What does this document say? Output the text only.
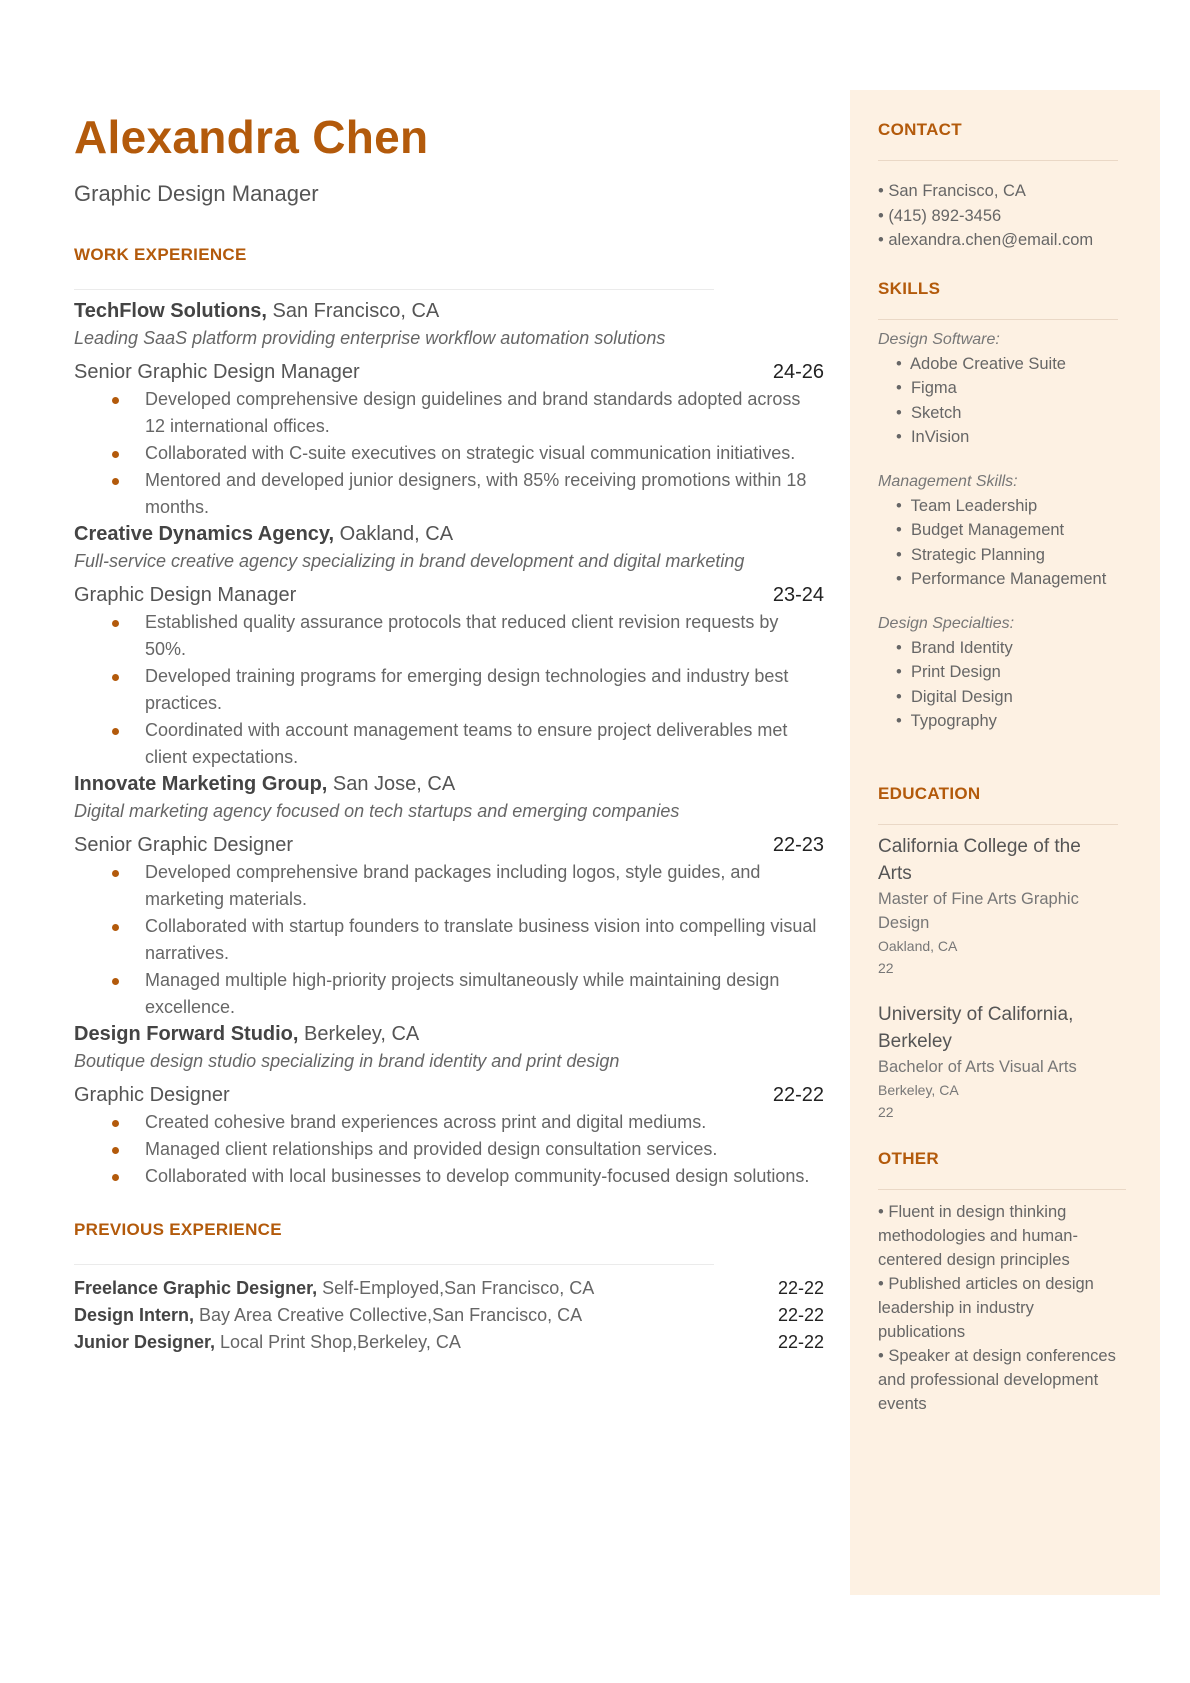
Alexandra Chen
Graphic Design Manager
WORK EXPERIENCE
TechFlow Solutions, San Francisco, CA
Leading SaaS platform providing enterprise workflow automation solutions
Senior Graphic Design Manager	24-26
Developed comprehensive design guidelines and brand standards adopted across 12 international offices.
Collaborated with C-suite executives on strategic visual communication initiatives.
Mentored and developed junior designers, with 85% receiving promotions within 18 months.
Creative Dynamics Agency, Oakland, CA
Full-service creative agency specializing in brand development and digital marketing
Graphic Design Manager	23-24
Established quality assurance protocols that reduced client revision requests by 50%.
Developed training programs for emerging design technologies and industry best practices.
Coordinated with account management teams to ensure project deliverables met client expectations.
Innovate Marketing Group, San Jose, CA
Digital marketing agency focused on tech startups and emerging companies
Senior Graphic Designer	22-23
Developed comprehensive brand packages including logos, style guides, and marketing materials.
Collaborated with startup founders to translate business vision into compelling visual narratives.
Managed multiple high-priority projects simultaneously while maintaining design excellence.
Design Forward Studio, Berkeley, CA
Boutique design studio specializing in brand identity and print design
Graphic Designer	22-22
Created cohesive brand experiences across print and digital mediums.
Managed client relationships and provided design consultation services.
Collaborated with local businesses to develop community-focused design solutions.
PREVIOUS EXPERIENCE
Freelance Graphic Designer, Self-Employed,San Francisco, CA	22-22
Design Intern, Bay Area Creative Collective,San Francisco, CA	22-22
Junior Designer, Local Print Shop,Berkeley, CA	22-22
CONTACT
• San Francisco, CA
• (415) 892-3456
• alexandra.chen@email.com
SKILLS
Design Software:
•  Adobe Creative Suite
•  Figma
•  Sketch
•  InVision
Management Skills:
•  Team Leadership
•  Budget Management
•  Strategic Planning
•  Performance Management
Design Specialties:
•  Brand Identity
•  Print Design
•  Digital Design
•  Typography
EDUCATION
California College of the Arts
Master of Fine Arts Graphic Design
Oakland, CA
22
University of California, Berkeley
Bachelor of Arts Visual Arts
Berkeley, CA
22
OTHER
• Fluent in design thinking methodologies and human-centered design principles
• Published articles on design leadership in industry publications
• Speaker at design conferences and professional development events
